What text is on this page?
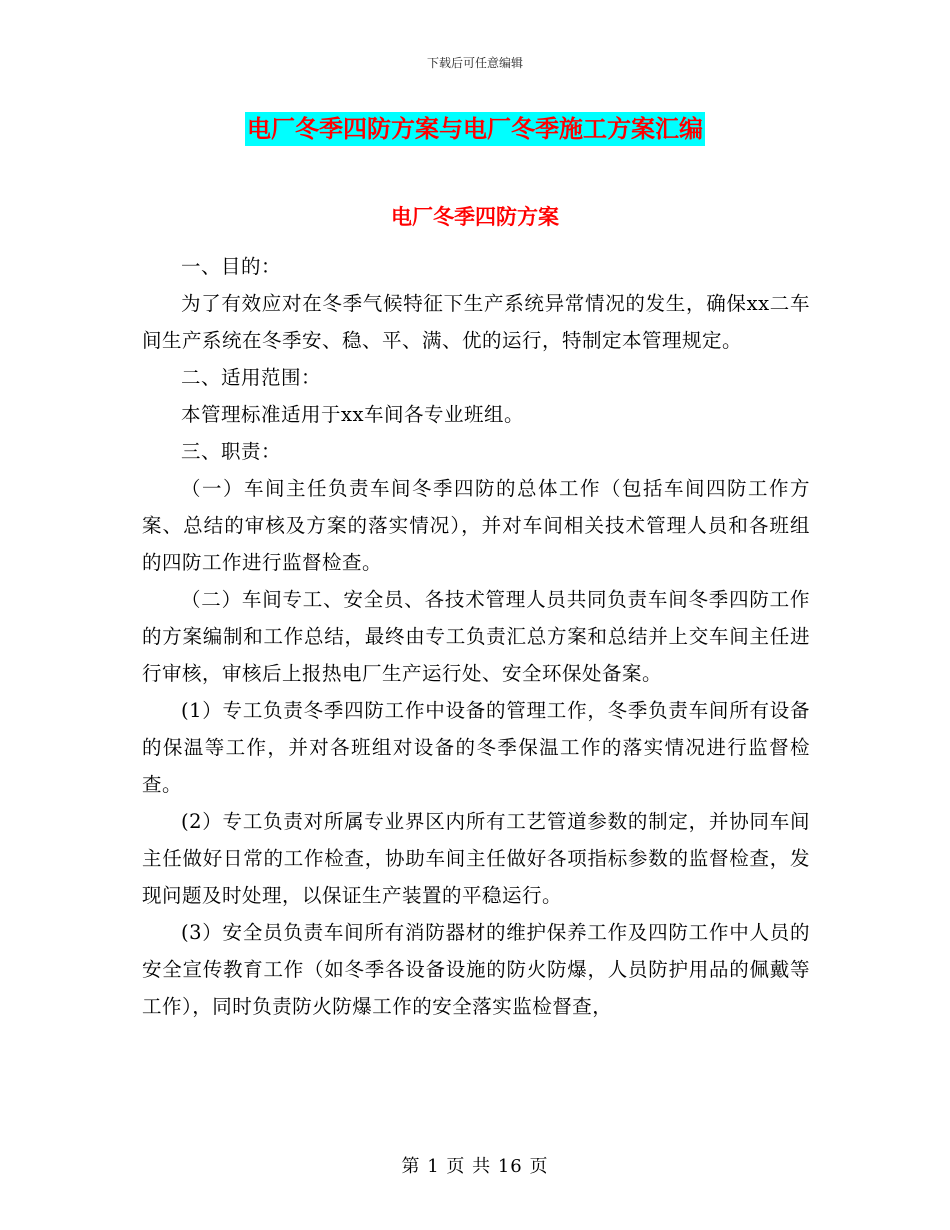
下载后可任意编辑
电厂冬季四防方案与电厂冬季施工方案汇编
电厂冬季四防方案

一、目的：

为了有效应对在冬季气候特征下生产系统异常情况的发生，确保xx二车间生产系统在冬季安、稳、平、满、优的运行，特制定本管理规定。

二、适用范围：

本管理标准适用于xx车间各专业班组。

三、职责：

（一）车间主任负责车间冬季四防的总体工作（包括车间四防工作方案、总结的审核及方案的落实情况），并对车间相关技术管理人员和各班组的四防工作进行监督检查。

（二）车间专工、安全员、各技术管理人员共同负责车间冬季四防工作的方案编制和工作总结，最终由专工负责汇总方案和总结并上交车间主任进行审核，审核后上报热电厂生产运行处、安全环保处备案。

(1）专工负责冬季四防工作中设备的管理工作，冬季负责车间所有设备的保温等工作，并对各班组对设备的冬季保温工作的落实情况进行监督检查。

(2）专工负责对所属专业界区内所有工艺管道参数的制定，并协同车间主任做好日常的工作检查，协助车间主任做好各项指标参数的监督检查，发现问题及时处理，以保证生产装置的平稳运行。

(3）安全员负责车间所有消防器材的维护保养工作及四防工作中人员的安全宣传教育工作（如冬季各设备设施的防火防爆，人员防护用品的佩戴等工作），同时负责防火防爆工作的安全落实监检督查，

第 1 页 共 16 页
